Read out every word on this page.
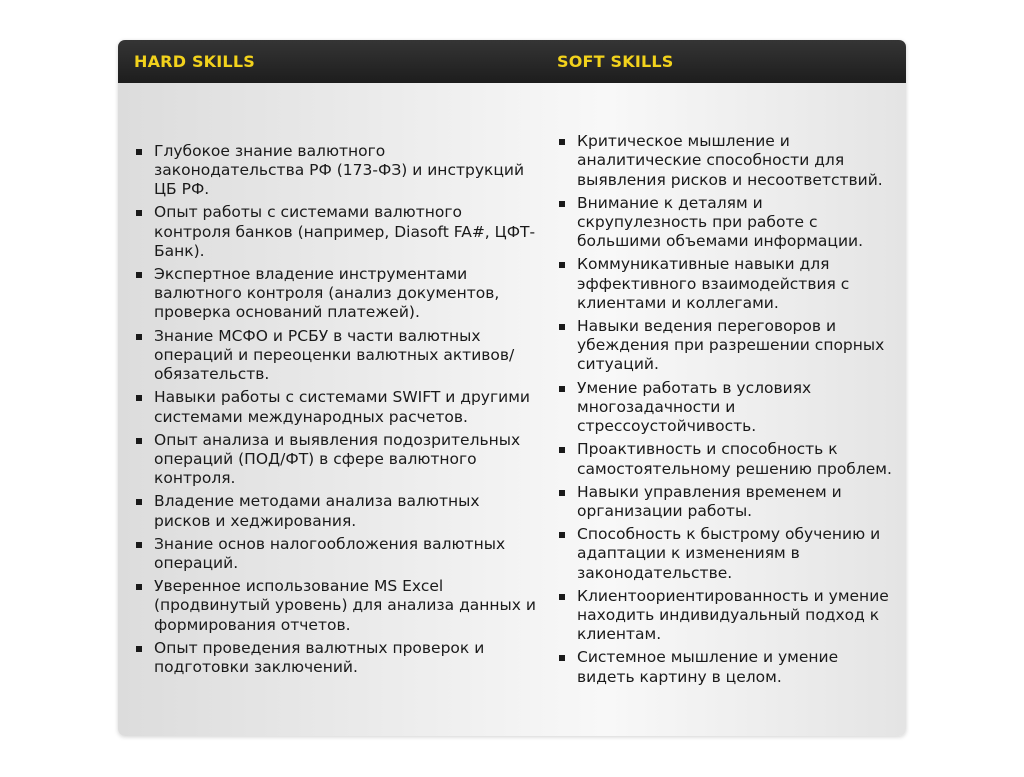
HARD SKILLS	SOFT SKILLS
Глубокое знание валютного законодательства РФ (173-ФЗ) и инструкций ЦБ РФ.
Опыт работы с системами валютного контроля банков (например, Diasoft FA#, ЦФТ-Банк).
Экспертное владение инструментами валютного контроля (анализ документов, проверка оснований платежей).
Знание МСФО и РСБУ в части валютных операций и переоценки валютных активов/обязательств.
Навыки работы с системами SWIFT и другими системами международных расчетов.
Опыт анализа и выявления подозрительных операций (ПОД/ФТ) в сфере валютного контроля.
Владение методами анализа валютных рисков и хеджирования.
Знание основ налогообложения валютных операций.
Уверенное использование MS Excel (продвинутый уровень) для анализа данных и формирования отчетов.
Опыт проведения валютных проверок и подготовки заключений.
Критическое мышление и аналитические способности для выявления рисков и несоответствий.
Внимание к деталям и скрупулезность при работе с большими объемами информации.
Коммуникативные навыки для эффективного взаимодействия с клиентами и коллегами.
Навыки ведения переговоров и убеждения при разрешении спорных ситуаций.
Умение работать в условиях многозадачности и стрессоустойчивость.
Проактивность и способность к самостоятельному решению проблем.
Навыки управления временем и организации работы.
Способность к быстрому обучению и адаптации к изменениям в законодательстве.
Клиентоориентированность и умение находить индивидуальный подход к клиентам.
Системное мышление и умение видеть картину в целом.
